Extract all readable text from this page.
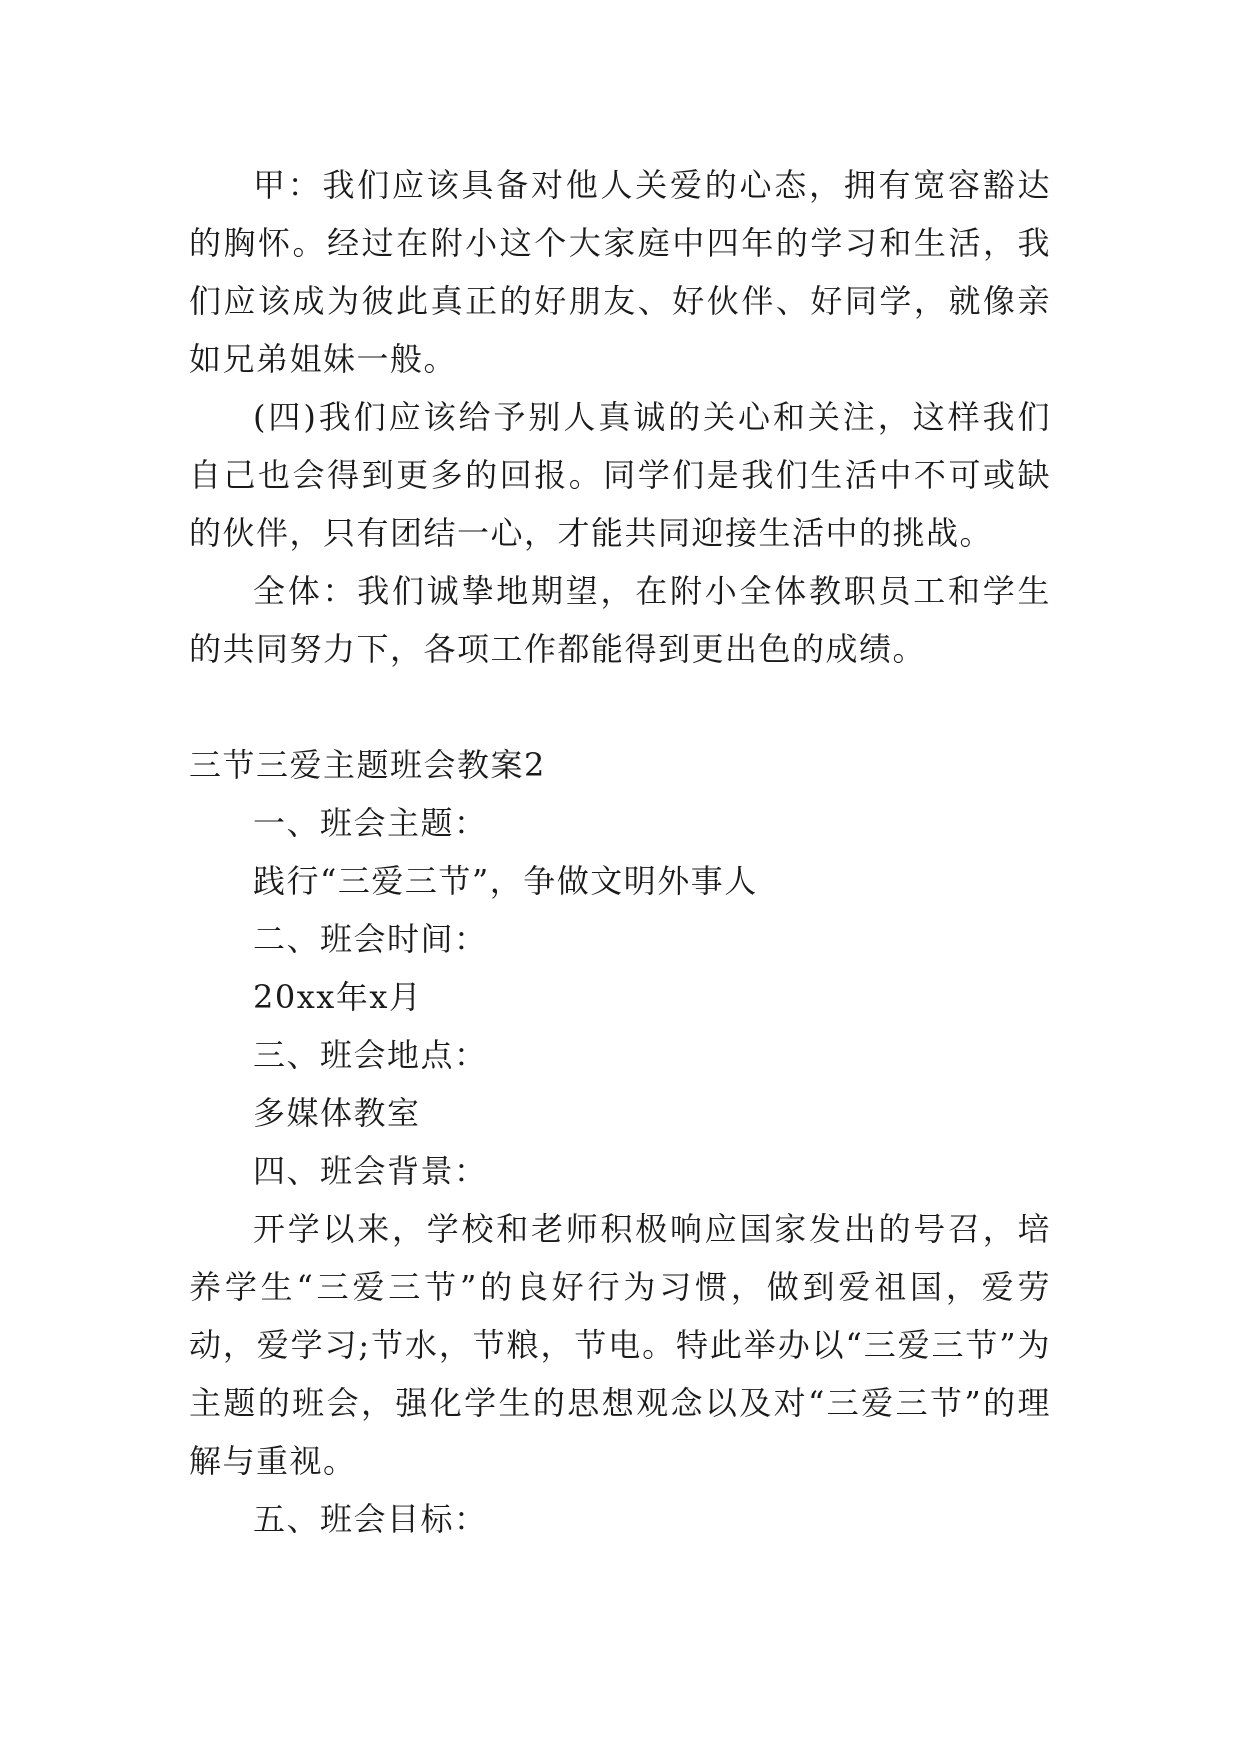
甲：我们应该具备对他人关爱的心态，拥有宽容豁达的胸怀。经过在附小这个大家庭中四年的学习和生活，我们应该成为彼此真正的好朋友、好伙伴、好同学，就像亲如兄弟姐妹一般。

(四)我们应该给予别人真诚的关心和关注，这样我们自己也会得到更多的回报。同学们是我们生活中不可或缺的伙伴，只有团结一心，才能共同迎接生活中的挑战。

全体：我们诚挚地期望，在附小全体教职员工和学生的共同努力下，各项工作都能得到更出色的成绩。

三节三爱主题班会教案2

一、班会主题：

践行“三爱三节”，争做文明外事人

二、班会时间：

20xx年x月

三、班会地点：

多媒体教室

四、班会背景：

开学以来，学校和老师积极响应国家发出的号召，培养学生“三爱三节”的良好行为习惯，做到爱祖国，爱劳动，爱学习;节水，节粮，节电。特此举办以“三爱三节”为主题的班会，强化学生的思想观念以及对“三爱三节”的理解与重视。

五、班会目标：
